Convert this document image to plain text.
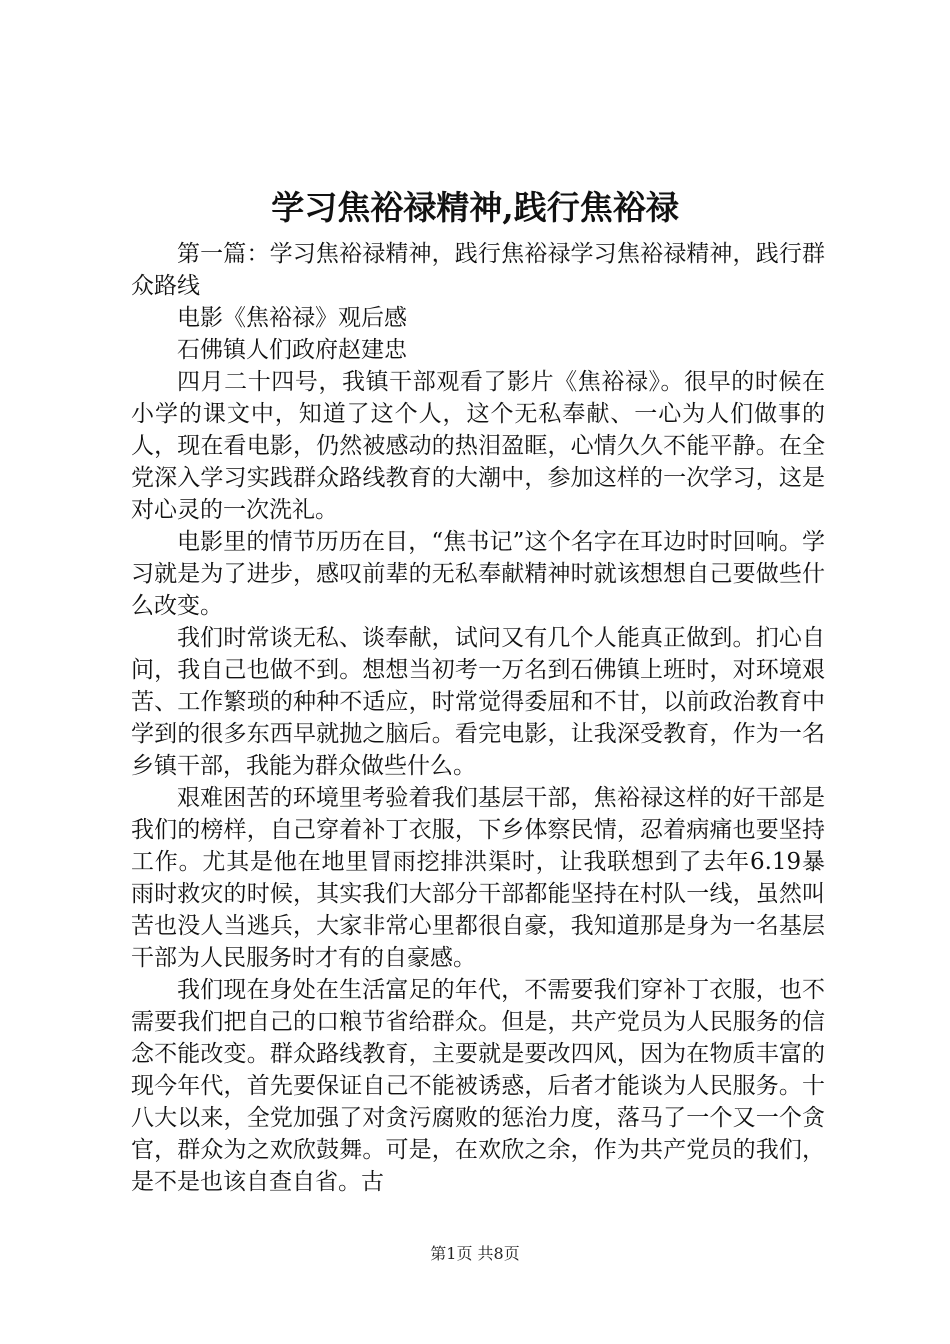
学习焦裕禄精神,践行焦裕禄

第一篇：学习焦裕禄精神，践行焦裕禄学习焦裕禄精神，践行群众路线

电影《焦裕禄》观后感

石佛镇人们政府赵建忠

四月二十四号，我镇干部观看了影片《焦裕禄》。很早的时候在小学的课文中，知道了这个人，这个无私奉献、一心为人们做事的人，现在看电影，仍然被感动的热泪盈眶，心情久久不能平静。在全党深入学习实践群众路线教育的大潮中，参加这样的一次学习，这是对心灵的一次洗礼。

电影里的情节历历在目，“焦书记”这个名字在耳边时时回响。学习就是为了进步，感叹前辈的无私奉献精神时就该想想自己要做些什么改变。

我们时常谈无私、谈奉献，试问又有几个人能真正做到。扪心自问，我自己也做不到。想想当初考一万名到石佛镇上班时，对环境艰苦、工作繁琐的种种不适应，时常觉得委屈和不甘，以前政治教育中学到的很多东西早就抛之脑后。看完电影，让我深受教育，作为一名乡镇干部，我能为群众做些什么。

艰难困苦的环境里考验着我们基层干部，焦裕禄这样的好干部是我们的榜样，自己穿着补丁衣服，下乡体察民情，忍着病痛也要坚持工作。尤其是他在地里冒雨挖排洪渠时，让我联想到了去年6.19暴雨时救灾的时候，其实我们大部分干部都能坚持在村队一线，虽然叫苦也没人当逃兵，大家非常心里都很自豪，我知道那是身为一名基层干部为人民服务时才有的自豪感。

我们现在身处在生活富足的年代，不需要我们穿补丁衣服，也不需要我们把自己的口粮节省给群众。但是，共产党员为人民服务的信念不能改变。群众路线教育，主要就是要改四风，因为在物质丰富的现今年代，首先要保证自己不能被诱惑，后者才能谈为人民服务。十八大以来，全党加强了对贪污腐败的惩治力度，落马了一个又一个贪官，群众为之欢欣鼓舞。可是，在欢欣之余，作为共产党员的我们，是不是也该自查自省。古

第1页 共8页
